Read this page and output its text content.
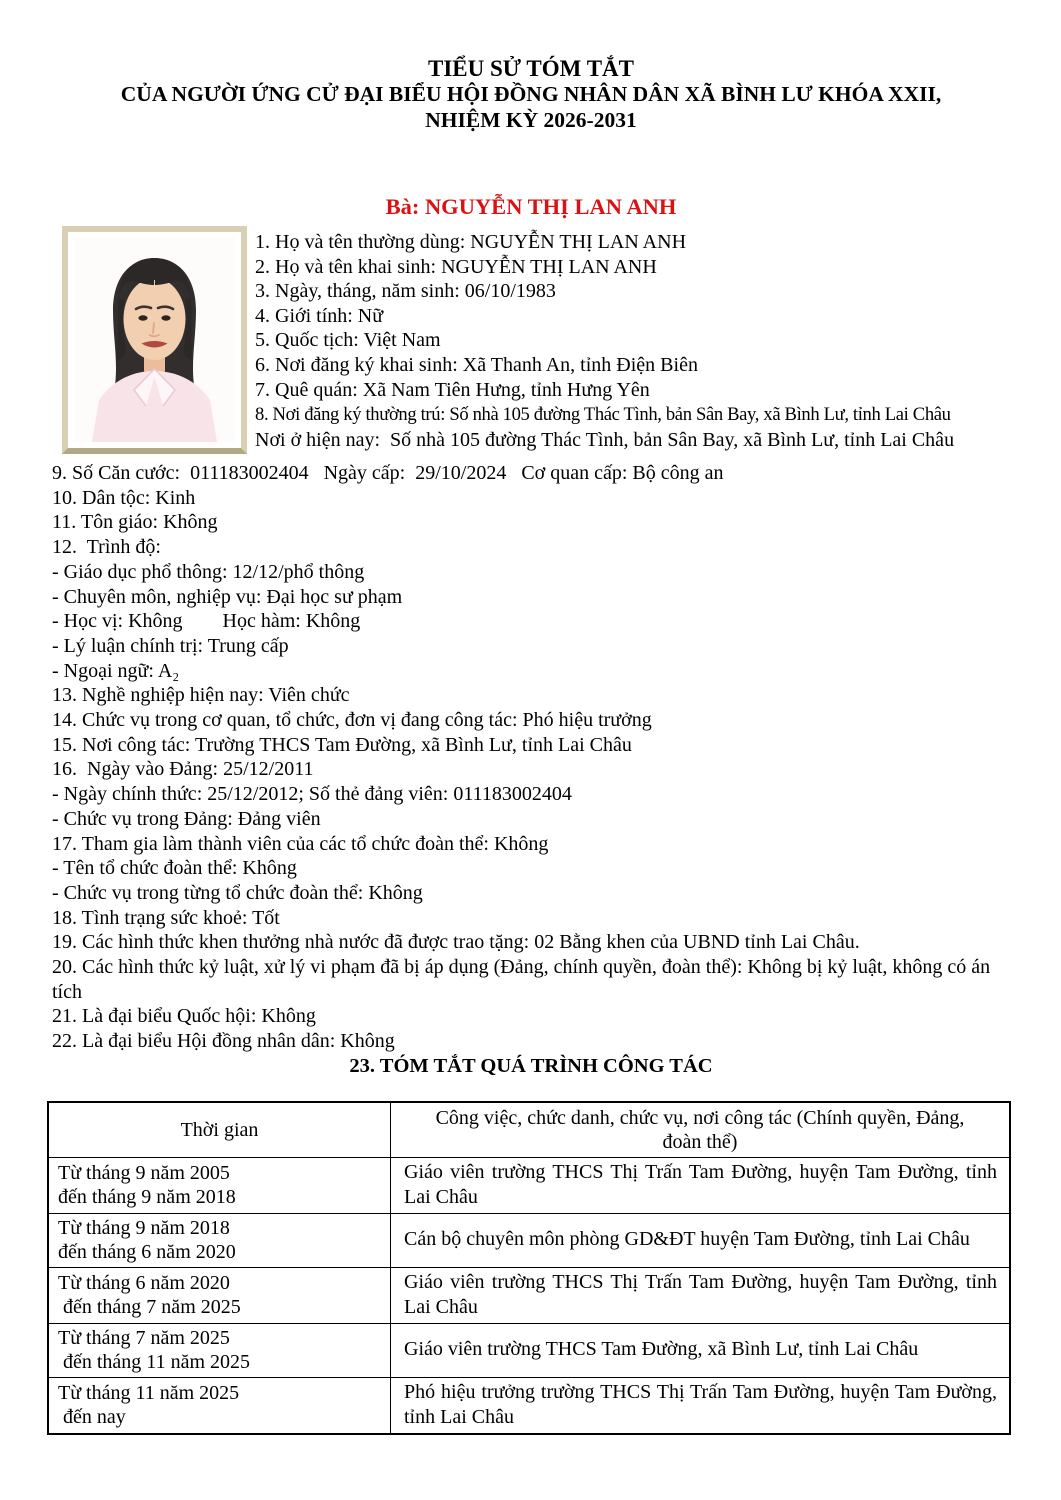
TIỂU SỬ TÓM TẮT
CỦA NGƯỜI ỨNG CỬ ĐẠI BIỂU HỘI ĐỒNG NHÂN DÂN XÃ BÌNH LƯ KHÓA XXII,
NHIỆM KỲ 2026-2031
Bà: NGUYỄN THỊ LAN ANH
1. Họ và tên thường dùng: NGUYỄN THỊ LAN ANH
2. Họ và tên khai sinh: NGUYỄN THỊ LAN ANH
3. Ngày, tháng, năm sinh: 06/10/1983
4. Giới tính: Nữ
5. Quốc tịch: Việt Nam
6. Nơi đăng ký khai sinh: Xã Thanh An, tỉnh Điện Biên
7. Quê quán: Xã Nam Tiên Hưng, tỉnh Hưng Yên
8. Nơi đăng ký thường trú: Số nhà 105 đường Thác Tình, bản Sân Bay, xã Bình Lư, tỉnh Lai Châu
Nơi ở hiện nay:  Số nhà 105 đường Thác Tình, bản Sân Bay, xã Bình Lư, tỉnh Lai Châu
9. Số Căn cước:  011183002404   Ngày cấp:  29/10/2024   Cơ quan cấp: Bộ công an
10. Dân tộc: Kinh
11. Tôn giáo: Không
12.  Trình độ:
- Giáo dục phổ thông: 12/12/phổ thông
- Chuyên môn, nghiệp vụ: Đại học sư phạm
- Học vị: Không        Học hàm: Không
- Lý luận chính trị: Trung cấp
- Ngoại ngữ: A₂
13. Nghề nghiệp hiện nay: Viên chức
14. Chức vụ trong cơ quan, tổ chức, đơn vị đang công tác: Phó hiệu trưởng
15. Nơi công tác: Trường THCS Tam Đường, xã Bình Lư, tỉnh Lai Châu
16.  Ngày vào Đảng: 25/12/2011
- Ngày chính thức: 25/12/2012; Số thẻ đảng viên: 011183002404
- Chức vụ trong Đảng: Đảng viên
17. Tham gia làm thành viên của các tổ chức đoàn thể: Không
- Tên tổ chức đoàn thể: Không
- Chức vụ trong từng tổ chức đoàn thể: Không
18. Tình trạng sức khoẻ: Tốt
19. Các hình thức khen thưởng nhà nước đã được trao tặng: 02 Bằng khen của UBND tỉnh Lai Châu.
20. Các hình thức kỷ luật, xử lý vi phạm đã bị áp dụng (Đảng, chính quyền, đoàn thể): Không bị kỷ luật, không có án tích
21. Là đại biểu Quốc hội: Không
22. Là đại biểu Hội đồng nhân dân: Không
23. TÓM TẮT QUÁ TRÌNH CÔNG TÁC
Thời gian	Công việc, chức danh, chức vụ, nơi công tác (Chính quyền, Đảng,
đoàn thể)

Từ tháng 9 năm 2005
đến tháng 9 năm 2018	Giáo viên trường THCS Thị Trấn Tam Đường, huyện Tam Đường, tỉnh Lai Châu

Từ tháng 9 năm 2018
đến tháng 6 năm 2020	Cán bộ chuyên môn phòng GD&ĐT huyện Tam Đường, tỉnh Lai Châu

Từ tháng 6 năm 2020
đến tháng 7 năm 2025	Giáo viên trường THCS Thị Trấn Tam Đường, huyện Tam Đường, tỉnh Lai Châu

Từ tháng 7 năm 2025
đến tháng 11 năm 2025	Giáo viên trường THCS Tam Đường, xã Bình Lư, tỉnh Lai Châu

Từ tháng 11 năm 2025
đến nay	Phó hiệu trưởng trường THCS Thị Trấn Tam Đường, huyện Tam Đường, tỉnh Lai Châu
